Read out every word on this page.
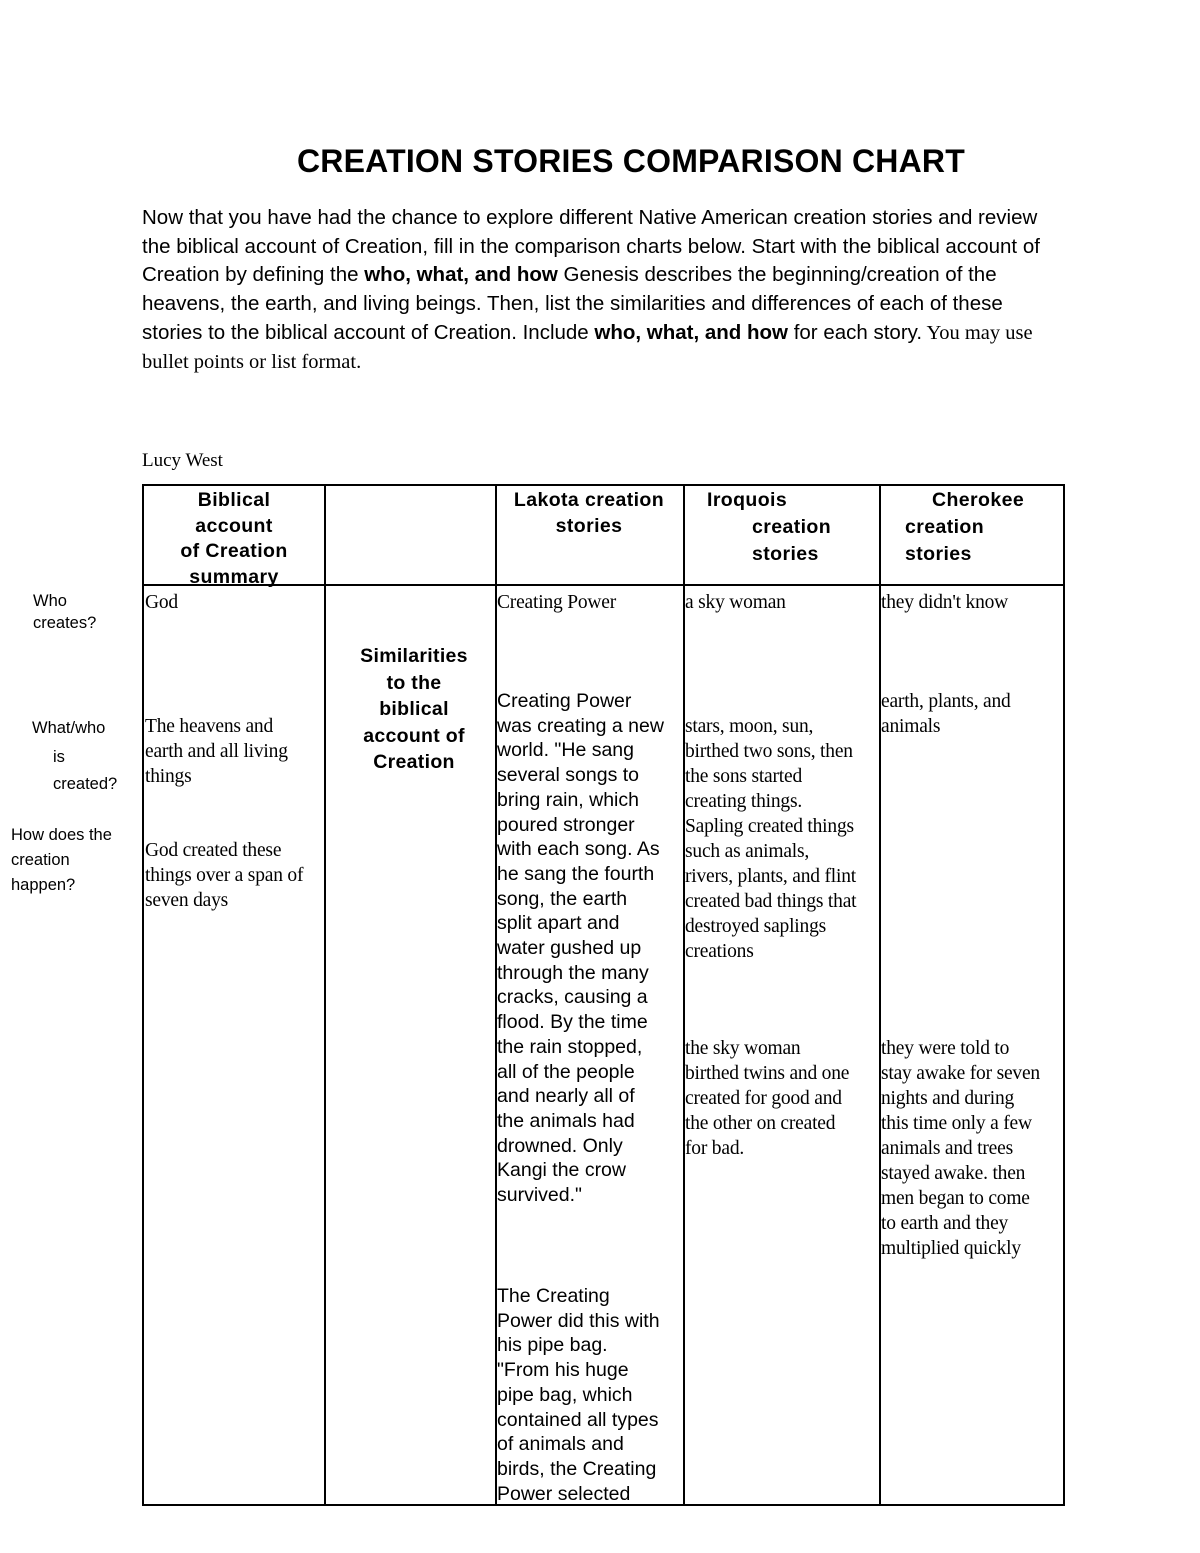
CREATION STORIES COMPARISON CHART
Now that you have had the chance to explore different Native American creation stories and review the biblical account of Creation, fill in the comparison charts below. Start with the biblical account of Creation by defining the who, what, and how Genesis describes the beginning/creation of the heavens, the earth, and living beings. Then, list the similarities and differences of each of these stories to the biblical account of Creation. Include who, what, and how for each story. You may use bullet points or list format.
Lucy West
Who
creates?
What/who
is
created?
How does the
creation
happen?
Biblical
account
of Creation
summary
Lakota creation
stories
Iroquois
creation
stories
Cherokee
creation
stories
Similarities
to the
biblical
account of
Creation
God
The heavens and
earth and all living
things
God created these
things over a span of
seven days
Creating Power
Creating Power
was creating a new
world. "He sang
several songs to
bring rain, which
poured stronger
with each song. As
he sang the fourth
song, the earth
split apart and
water gushed up
through the many
cracks, causing a
flood. By the time
the rain stopped,
all of the people
and nearly all of
the animals had
drowned. Only
Kangi the crow
survived."
The Creating
Power did this with
his pipe bag.
"From his huge
pipe bag, which
contained all types
of animals and
birds, the Creating
Power selected
a sky woman
stars, moon, sun,
birthed two sons, then
the sons started
creating things.
Sapling created things
such as animals,
rivers, plants, and flint
created bad things that
destroyed saplings
creations
the sky woman
birthed twins and one
created for good and
the other on created
for bad.
they didn't know
earth, plants, and
animals
they were told to
stay awake for seven
nights and during
this time only a few
animals and trees
stayed awake. then
men began to come
to earth and they
multiplied quickly
